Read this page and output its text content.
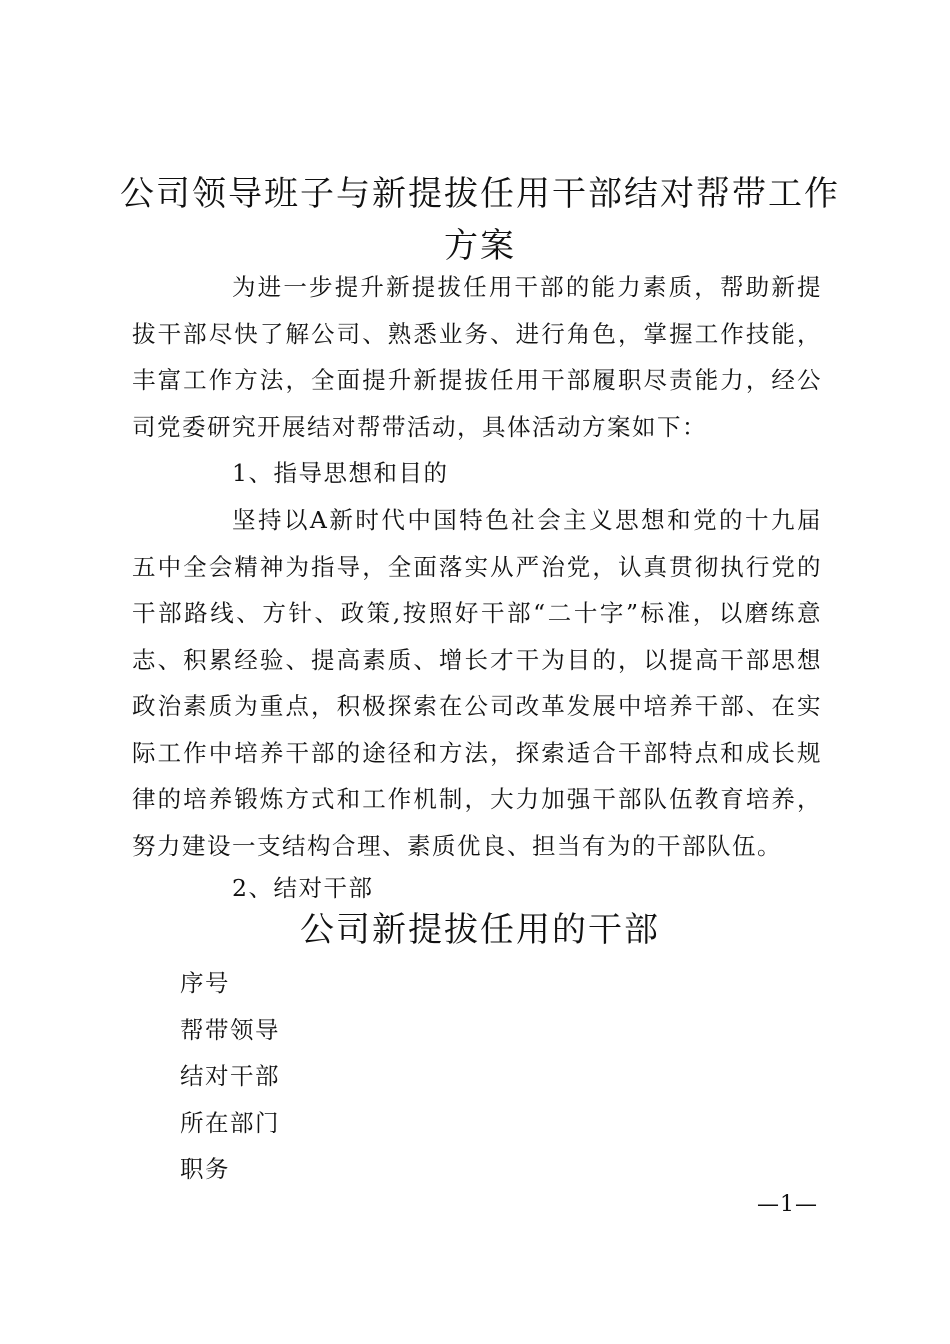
公司领导班子与新提拔任用干部结对帮带工作方案

为进一步提升新提拔任用干部的能力素质，帮助新提拔干部尽快了解公司、熟悉业务、进行角色，掌握工作技能，丰富工作方法，全面提升新提拔任用干部履职尽责能力，经公司党委研究开展结对帮带活动，具体活动方案如下：

1、指导思想和目的

坚持以A新时代中国特色社会主义思想和党的十九届五中全会精神为指导，全面落实从严治党，认真贯彻执行党的干部路线、方针、政策,按照好干部“二十字”标准，以磨练意志、积累经验、提高素质、增长才干为目的，以提高干部思想政治素质为重点，积极探索在公司改革发展中培养干部、在实际工作中培养干部的途径和方法，探索适合干部特点和成长规律的培养锻炼方式和工作机制，大力加强干部队伍教育培养，努力建设一支结构合理、素质优良、担当有为的干部队伍。

2、结对干部

公司新提拔任用的干部
序号
帮带领导
结对干部
所在部门
职务
—1—
